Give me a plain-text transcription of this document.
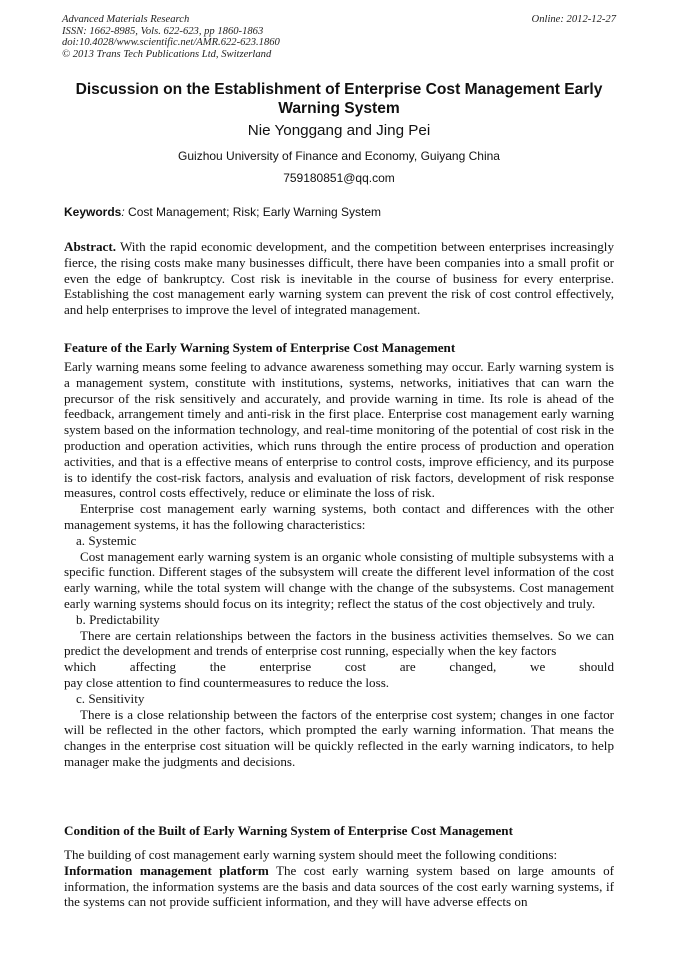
Advanced Materials Research
ISSN: 1662-8985, Vols. 622-623, pp 1860-1863
doi:10.4028/www.scientific.net/AMR.622-623.1860
© 2013 Trans Tech Publications Ltd, Switzerland
Online: 2012-12-27
Discussion on the Establishment of Enterprise Cost Management Early Warning System
Nie Yonggang and Jing Pei
Guizhou University of Finance and Economy, Guiyang China
759180851@qq.com
Keywords: Cost Management; Risk; Early Warning System

Abstract. With the rapid economic development, and the competition between enterprises increasingly fierce, the rising costs make many businesses difficult, there have been companies into a small profit or even the edge of bankruptcy. Cost risk is inevitable in the course of business for every enterprise. Establishing the cost management early warning system can prevent the risk of cost control effectively, and help enterprises to improve the level of integrated management.

Feature of the Early Warning System of Enterprise Cost Management

Early warning means some feeling to advance awareness something may occur. Early warning system is a management system, constitute with institutions, systems, networks, initiatives that can warn the precursor of the risk sensitively and accurately, and provide warning in time. Its role is ahead of the feedback, arrangement timely and anti-risk in the first place. Enterprise cost management early warning system based on the information technology, and real-time monitoring of the potential of cost risk in the production and operation activities, which runs through the entire process of production and operation activities, and that is a effective means of enterprise to control costs, improve efficiency, and its purpose is to identify the cost-risk factors, analysis and evaluation of risk factors, development of risk response measures, control costs effectively, reduce or eliminate the loss of risk.

Enterprise cost management early warning systems, both contact and differences with the other management systems, it has the following characteristics:

a. Systemic

Cost management early warning system is an organic whole consisting of multiple subsystems with a specific function. Different stages of the subsystem will create the different level information of the cost early warning, while the total system will change with the change of the subsystems. Cost management early warning systems should focus on its integrity; reflect the status of the cost objectively and truly.

b. Predictability

There are certain relationships between the factors in the business activities themselves. So we can predict the development and trends of enterprise cost running, especially when the key factors

which affecting the enterprise cost are changed, we should

pay close attention to find countermeasures to reduce the loss.

c. Sensitivity

There is a close relationship between the factors of the enterprise cost system; changes in one factor will be reflected in the other factors, which prompted the early warning information. That means the changes in the enterprise cost situation will be quickly reflected in the early warning indicators, to help manager make the judgments and decisions.

Condition of the Built of Early Warning System of Enterprise Cost Management

The building of cost management early warning system should meet the following conditions:

Information management platform The cost early warning system based on large amounts of information, the information systems are the basis and data sources of the cost early warning systems, if the systems can not provide sufficient information, and they will have adverse effects on
